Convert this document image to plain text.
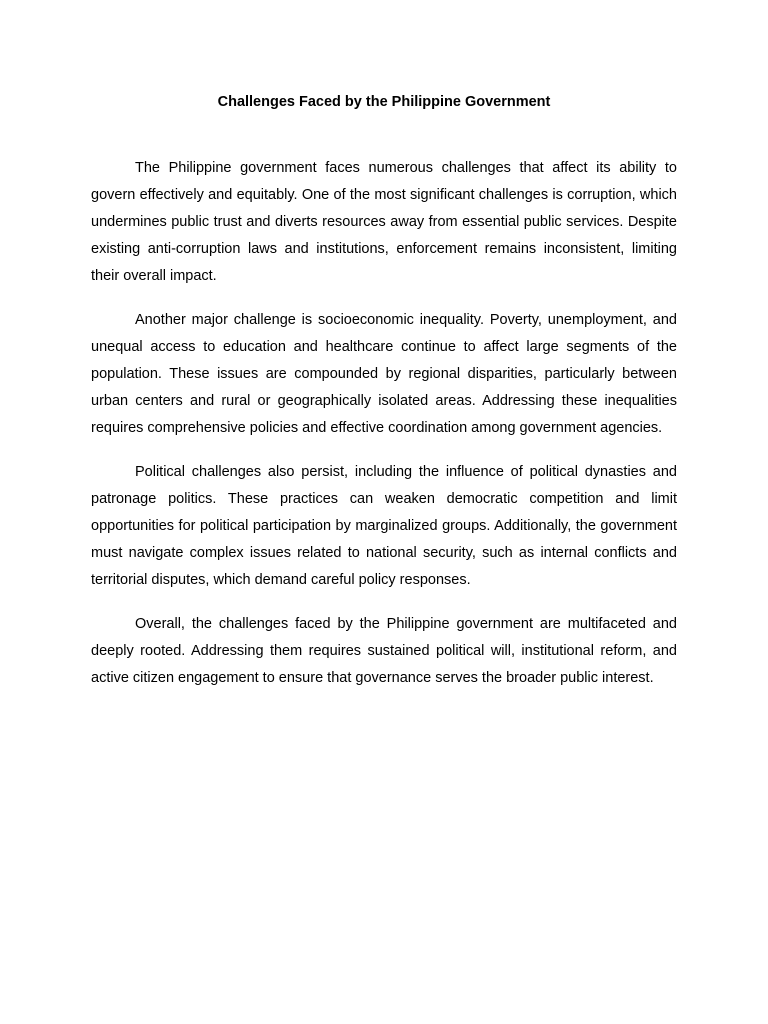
Challenges Faced by the Philippine Government

The Philippine government faces numerous challenges that affect its ability to govern effectively and equitably. One of the most significant challenges is corruption, which undermines public trust and diverts resources away from essential public services. Despite existing anti-corruption laws and institutions, enforcement remains inconsistent, limiting their overall impact.

Another major challenge is socioeconomic inequality. Poverty, unemployment, and unequal access to education and healthcare continue to affect large segments of the population. These issues are compounded by regional disparities, particularly between urban centers and rural or geographically isolated areas. Addressing these inequalities requires comprehensive policies and effective coordination among government agencies.

Political challenges also persist, including the influence of political dynasties and patronage politics. These practices can weaken democratic competition and limit opportunities for political participation by marginalized groups. Additionally, the government must navigate complex issues related to national security, such as internal conflicts and territorial disputes, which demand careful policy responses.

Overall, the challenges faced by the Philippine government are multifaceted and deeply rooted. Addressing them requires sustained political will, institutional reform, and active citizen engagement to ensure that governance serves the broader public interest.
